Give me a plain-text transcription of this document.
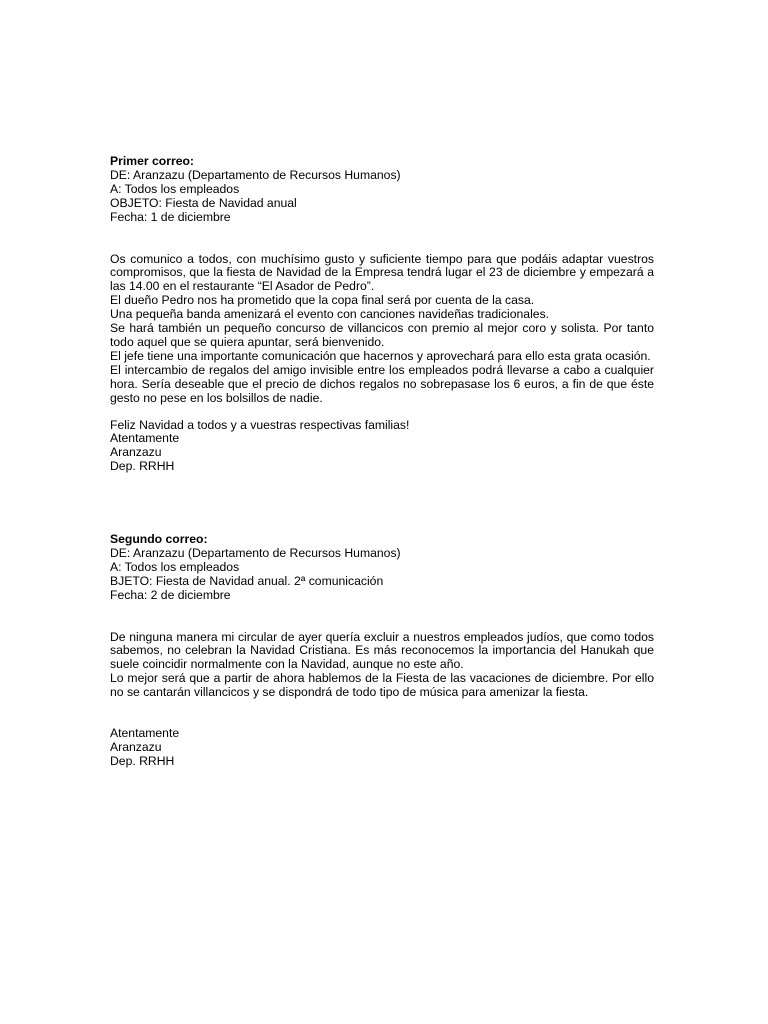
Primer correo:

DE: Aranzazu (Departamento de Recursos Humanos)

A: Todos los empleados

OBJETO: Fiesta de Navidad anual

Fecha: 1 de diciembre

Os comunico a todos, con muchísimo gusto y suficiente tiempo para que podáis adaptar vuestros compromisos, que la fiesta de Navidad de la Empresa tendrá lugar el 23 de diciembre y empezará a las 14.00 en el restaurante “El Asador de Pedro”.

El dueño Pedro nos ha prometido que la copa final será por cuenta de la casa.

Una pequeña banda amenizará el evento con canciones navideñas tradicionales.

Se hará también un pequeño concurso de villancicos con premio al mejor coro y solista. Por tanto todo aquel que se quiera apuntar, será bienvenido.

El jefe tiene una importante comunicación que hacernos y aprovechará para ello esta grata ocasión.

El intercambio de regalos del amigo invisible entre los empleados podrá llevarse a cabo a cualquier hora. Sería deseable que el precio de dichos regalos no sobrepasase los 6 euros, a fin de que éste gesto no pese en los bolsillos de nadie.

Feliz Navidad a todos y a vuestras respectivas familias!

Atentamente

Aranzazu

Dep. RRHH

Segundo correo:

DE: Aranzazu (Departamento de Recursos Humanos)

A: Todos los empleados

BJETO: Fiesta de Navidad anual. 2ª comunicación

Fecha: 2 de diciembre

De ninguna manera mi circular de ayer quería excluir a nuestros empleados judíos, que como todos sabemos, no celebran la Navidad Cristiana. Es más reconocemos la importancia del Hanukah que suele coincidir normalmente con la Navidad, aunque no este año.

Lo mejor será que a partir de ahora hablemos de la Fiesta de las vacaciones de diciembre. Por ello no se cantarán villancicos y se dispondrá de todo tipo de música para amenizar la fiesta.

Atentamente

Aranzazu

Dep. RRHH
